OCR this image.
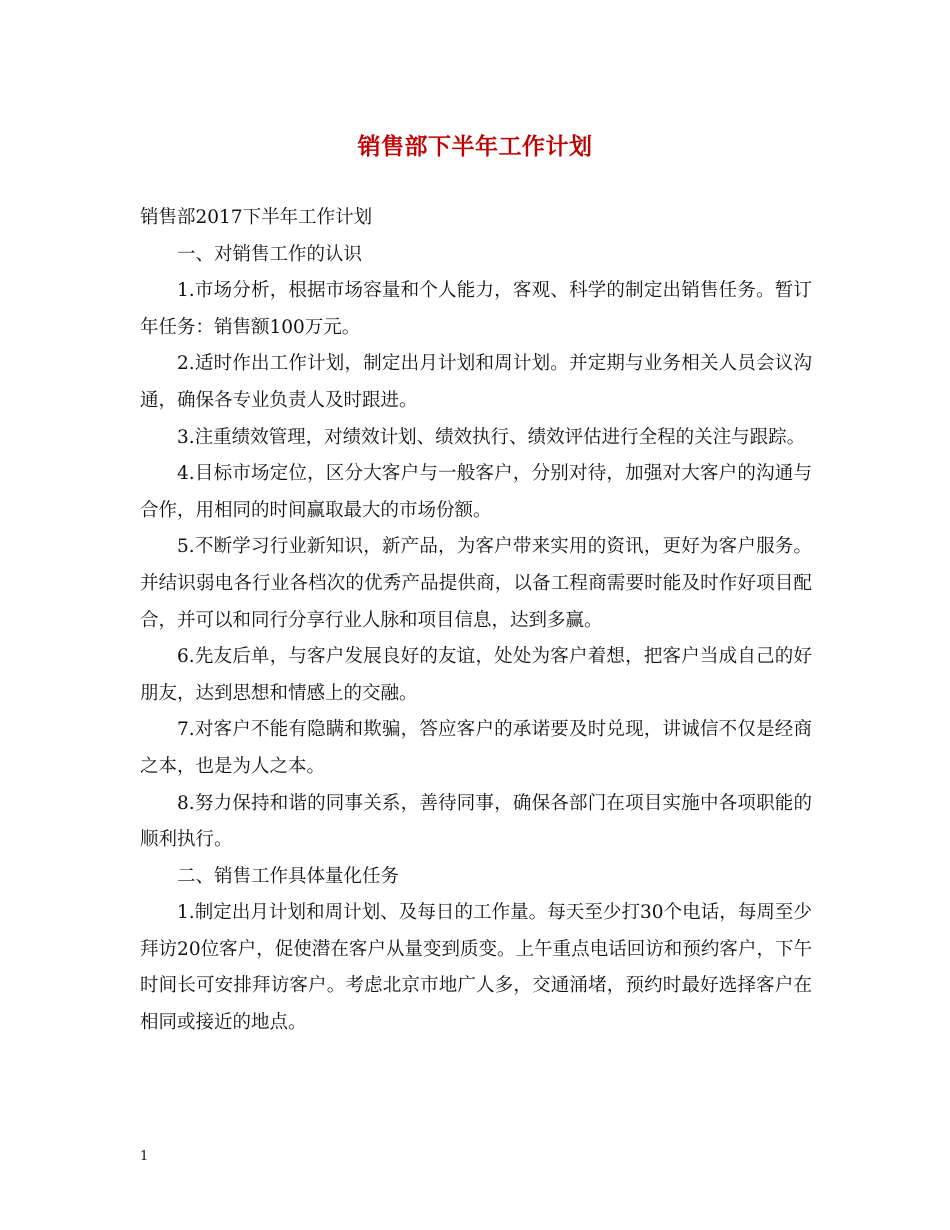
销售部下半年工作计划

销售部2017下半年工作计划

一、对销售工作的认识

1.市场分析，根据市场容量和个人能力，客观、科学的制定出销售任务。暂订年任务：销售额100万元。

2.适时作出工作计划，制定出月计划和周计划。并定期与业务相关人员会议沟通，确保各专业负责人及时跟进。

3.注重绩效管理，对绩效计划、绩效执行、绩效评估进行全程的关注与跟踪。

4.目标市场定位，区分大客户与一般客户，分别对待，加强对大客户的沟通与合作，用相同的时间赢取最大的市场份额。

5.不断学习行业新知识，新产品，为客户带来实用的资讯，更好为客户服务。并结识弱电各行业各档次的优秀产品提供商，以备工程商需要时能及时作好项目配合，并可以和同行分享行业人脉和项目信息，达到多赢。

6.先友后单，与客户发展良好的友谊，处处为客户着想，把客户当成自己的好朋友，达到思想和情感上的交融。

7.对客户不能有隐瞒和欺骗，答应客户的承诺要及时兑现，讲诚信不仅是经商之本，也是为人之本。

8.努力保持和谐的同事关系，善待同事，确保各部门在项目实施中各项职能的顺利执行。

二、销售工作具体量化任务

1.制定出月计划和周计划、及每日的工作量。每天至少打30个电话，每周至少拜访20位客户，促使潜在客户从量变到质变。上午重点电话回访和预约客户，下午时间长可安排拜访客户。考虑北京市地广人多，交通涌堵，预约时最好选择客户在相同或接近的地点。

1
